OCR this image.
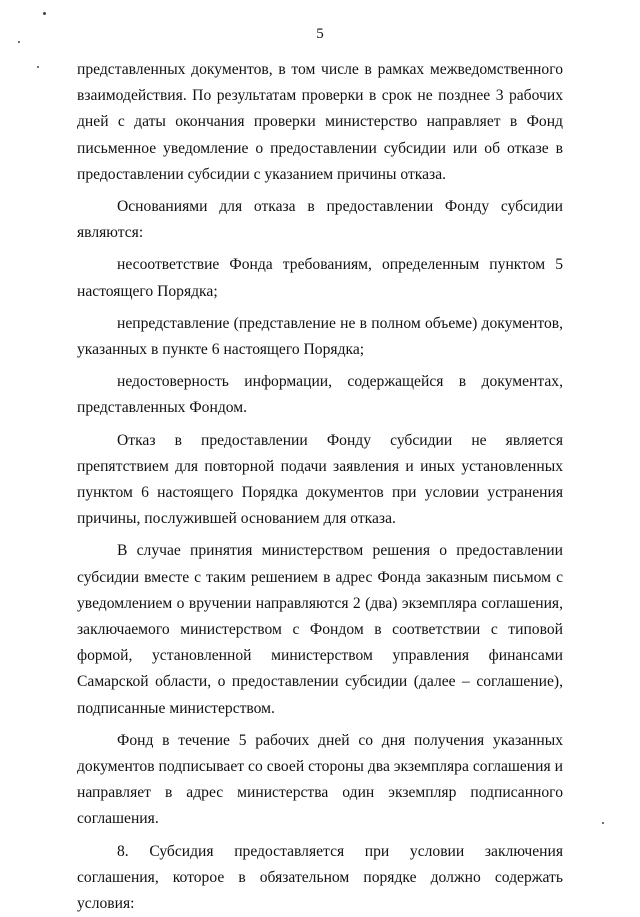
5

представленных документов, в том числе в рамках межведомственного взаимодействия. По результатам проверки в срок не позднее 3 рабочих дней с даты окончания проверки министерство направляет в Фонд письменное уведомление о предоставлении субсидии или об отказе в предоставлении субсидии с указанием причины отказа.

Основаниями для отказа в предоставлении Фонду субсидии являются:

несоответствие Фонда требованиям, определенным пунктом 5 настоящего Порядка;

непредставление (представление не в полном объеме) документов, указанных в пункте 6 настоящего Порядка;

недостоверность информации, содержащейся в документах, представленных Фондом.

Отказ в предоставлении Фонду субсидии не является препятствием для повторной подачи заявления и иных установленных пунктом 6 настоящего Порядка документов при условии устранения причины, послужившей основанием для отказа.

В случае принятия министерством решения о предоставлении субсидии вместе с таким решением в адрес Фонда заказным письмом с уведомлением о вручении направляются 2 (два) экземпляра соглашения, заключаемого министерством с Фондом в соответствии с типовой формой, установленной министерством управления финансами Самарской области, о предоставлении субсидии (далее – соглашение), подписанные министерством.

Фонд в течение 5 рабочих дней со дня получения указанных документов подписывает со своей стороны два экземпляра соглашения и направляет в адрес министерства один экземпляр подписанного соглашения.

8. Субсидия предоставляется при условии заключения соглашения, которое в обязательном порядке должно содержать условия:
